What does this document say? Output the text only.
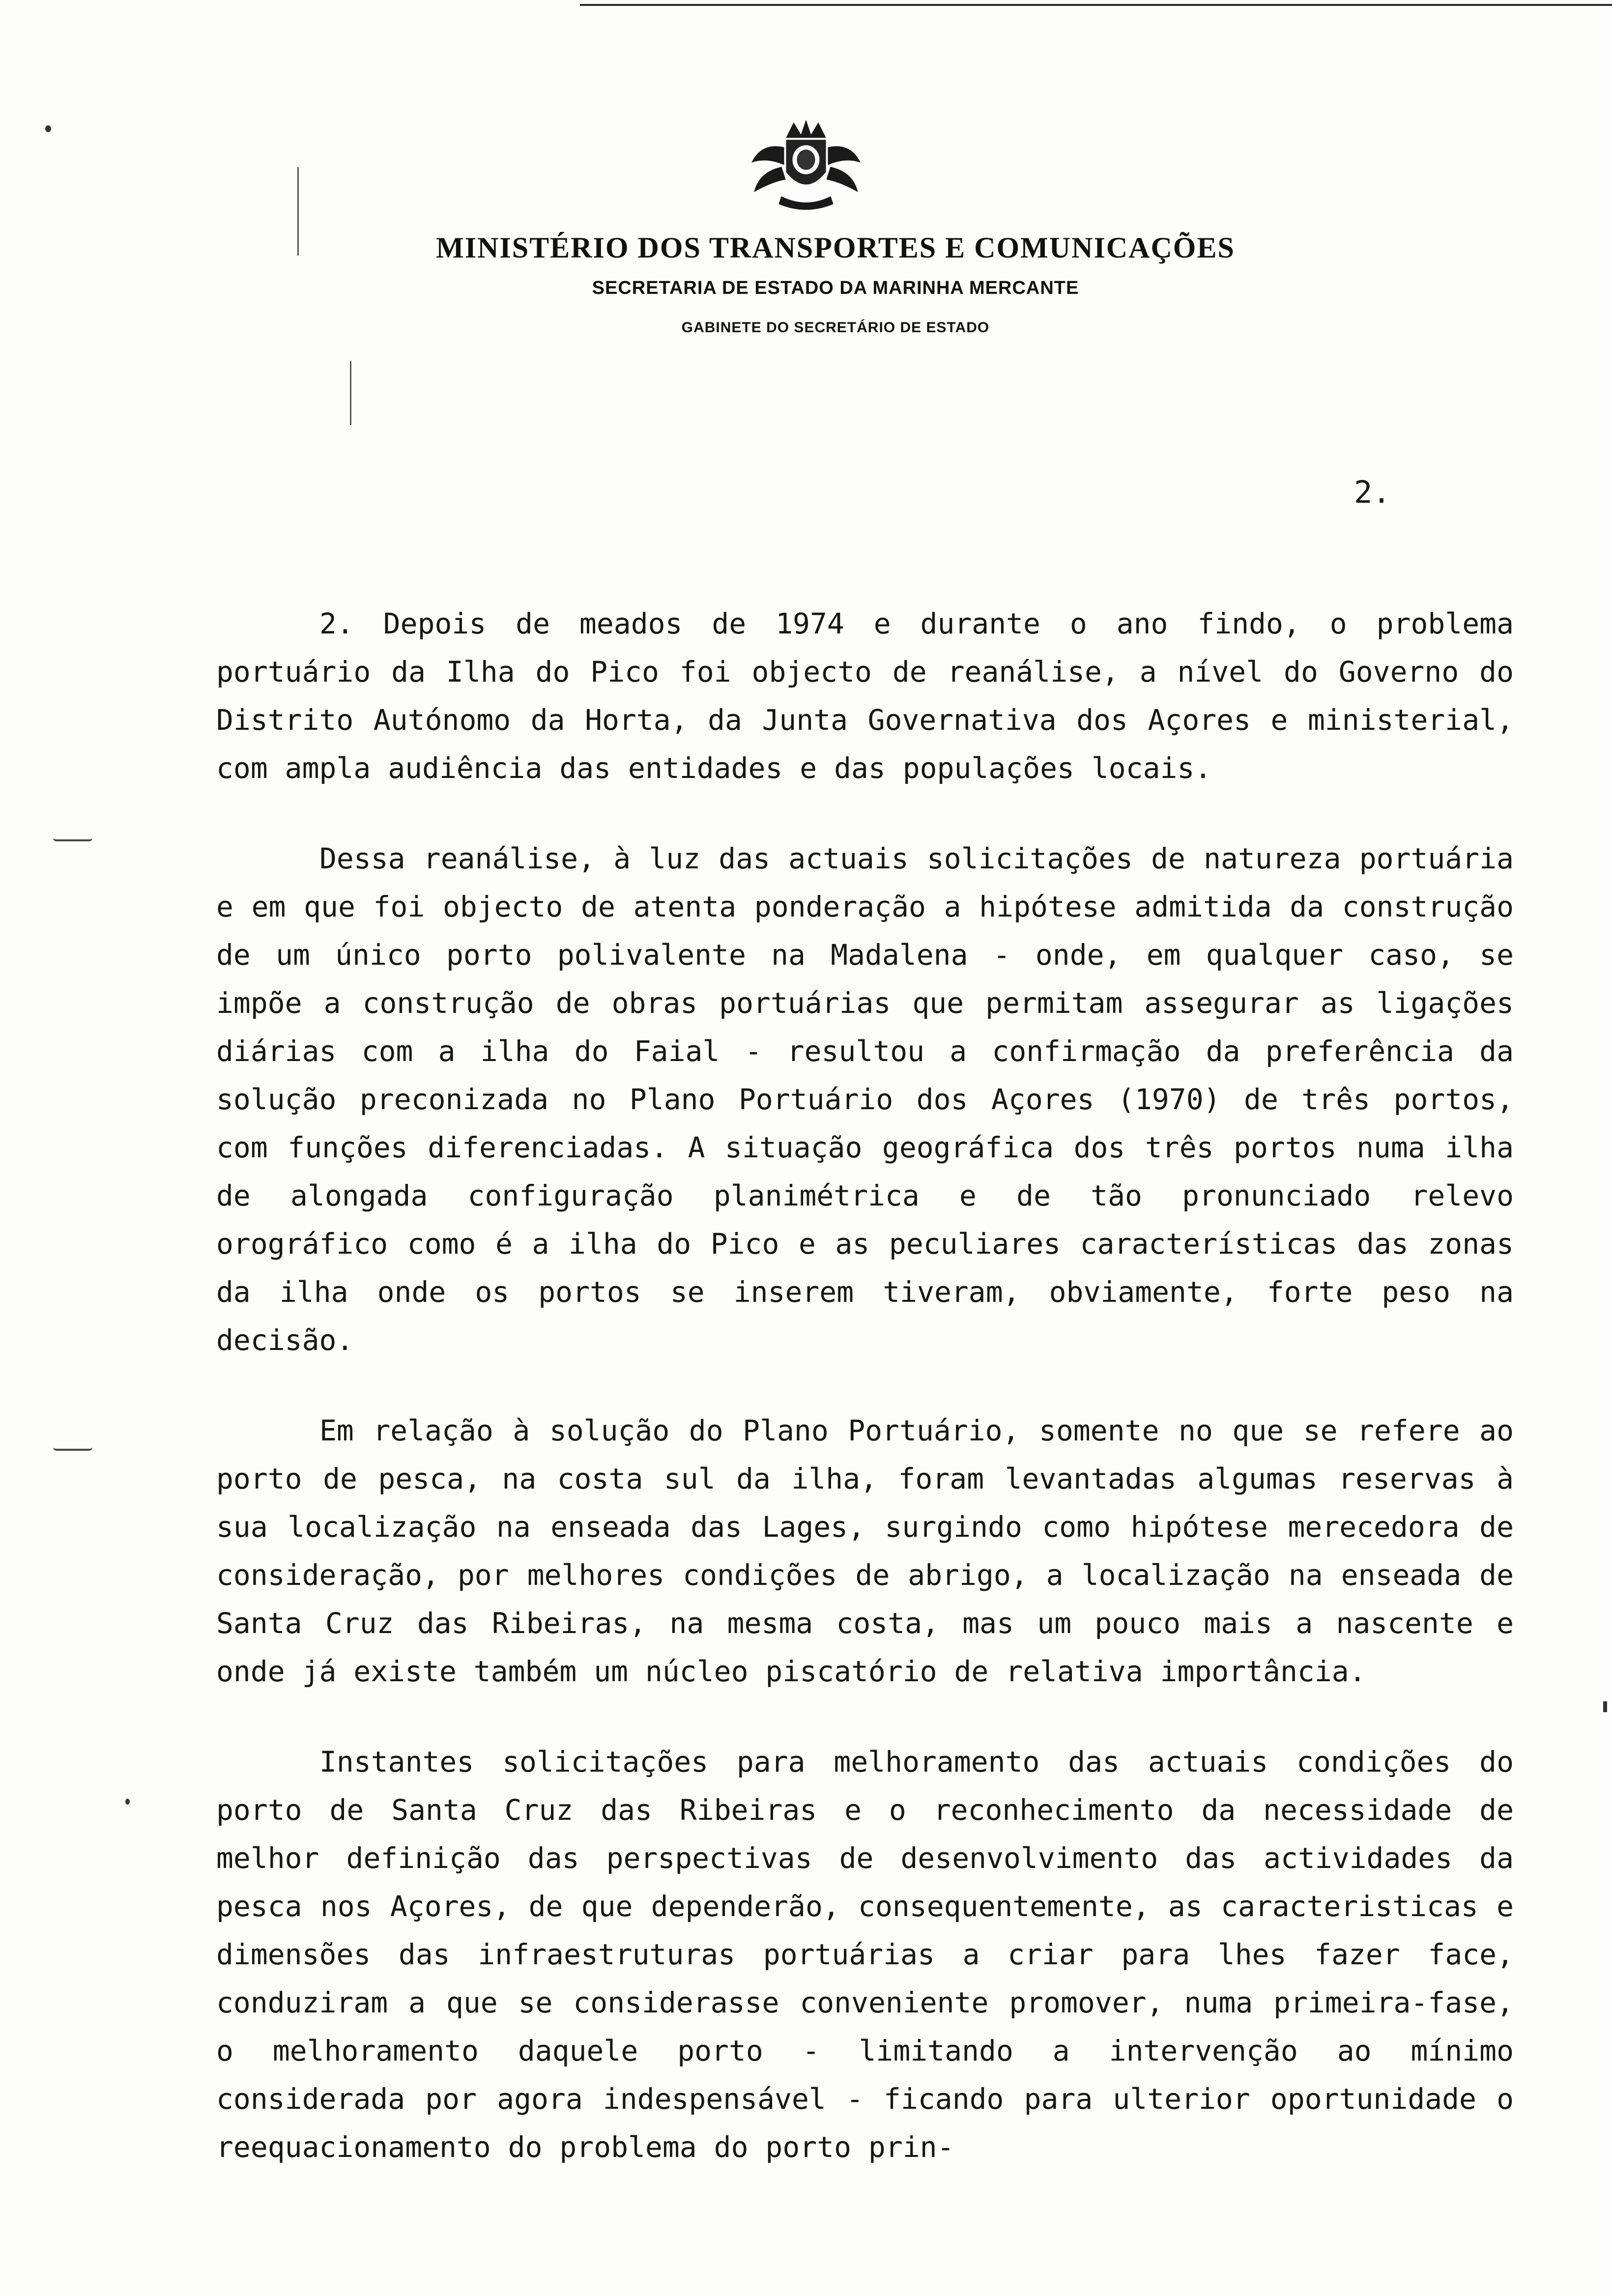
MINISTÉRIO DOS TRANSPORTES E COMUNICAÇÕES
SECRETARIA DE ESTADO DA MARINHA MERCANTE
GABINETE DO SECRETÁRIO DE ESTADO
2.

2. Depois de meados de 1974 e durante o ano findo, o problema portuário da Ilha do Pico foi objecto de reanálise, a nível do Governo do Distrito Autónomo da Horta, da Junta Governativa dos Açores e ministerial, com ampla audiência das entidades e das populações locais.

Dessa reanálise, à luz das actuais solicitações de natureza portuária e em que foi objecto de atenta ponderação a hipótese admitida da construção de um único porto polivalente na Madalena - onde, em qualquer caso, se impõe a construção de obras portuárias que permitam assegurar as ligações diárias com a ilha do Faial - resultou a confirmação da preferência da solução preconizada no Plano Portuário dos Açores (1970) de três portos, com funções diferenciadas. A situação geográfica dos três portos numa ilha de alongada configuração planimétrica e de tão pronunciado relevo orográfico como é a ilha do Pico e as peculiares características das zonas da ilha onde os portos se inserem tiveram, obviamente, forte peso na decisão.

Em relação à solução do Plano Portuário, somente no que se refere ao porto de pesca, na costa sul da ilha, foram levantadas algumas reservas à sua localização na enseada das Lages, surgindo como hipótese merecedora de consideração, por melhores condições de abrigo, a localização na enseada de Santa Cruz das Ribeiras, na mesma costa, mas um pouco mais a nascente e onde já existe também um núcleo piscatório de relativa importância.

Instantes solicitações para melhoramento das actuais condições do porto de Santa Cruz das Ribeiras e o reconhecimento da necessidade de melhor definição das perspectivas de desenvolvimento das actividades da pesca nos Açores, de que dependerão, consequentemente, as caracteristicas e dimensões das infraestruturas portuárias a criar para lhes fazer face, conduziram a que se considerasse conveniente promover, numa primeira-fase, o melhoramento daquele porto - limitando a intervenção ao mínimo considerada por agora indespensável - ficando para ulterior oportunidade o reequacionamento do problema do porto prin-
